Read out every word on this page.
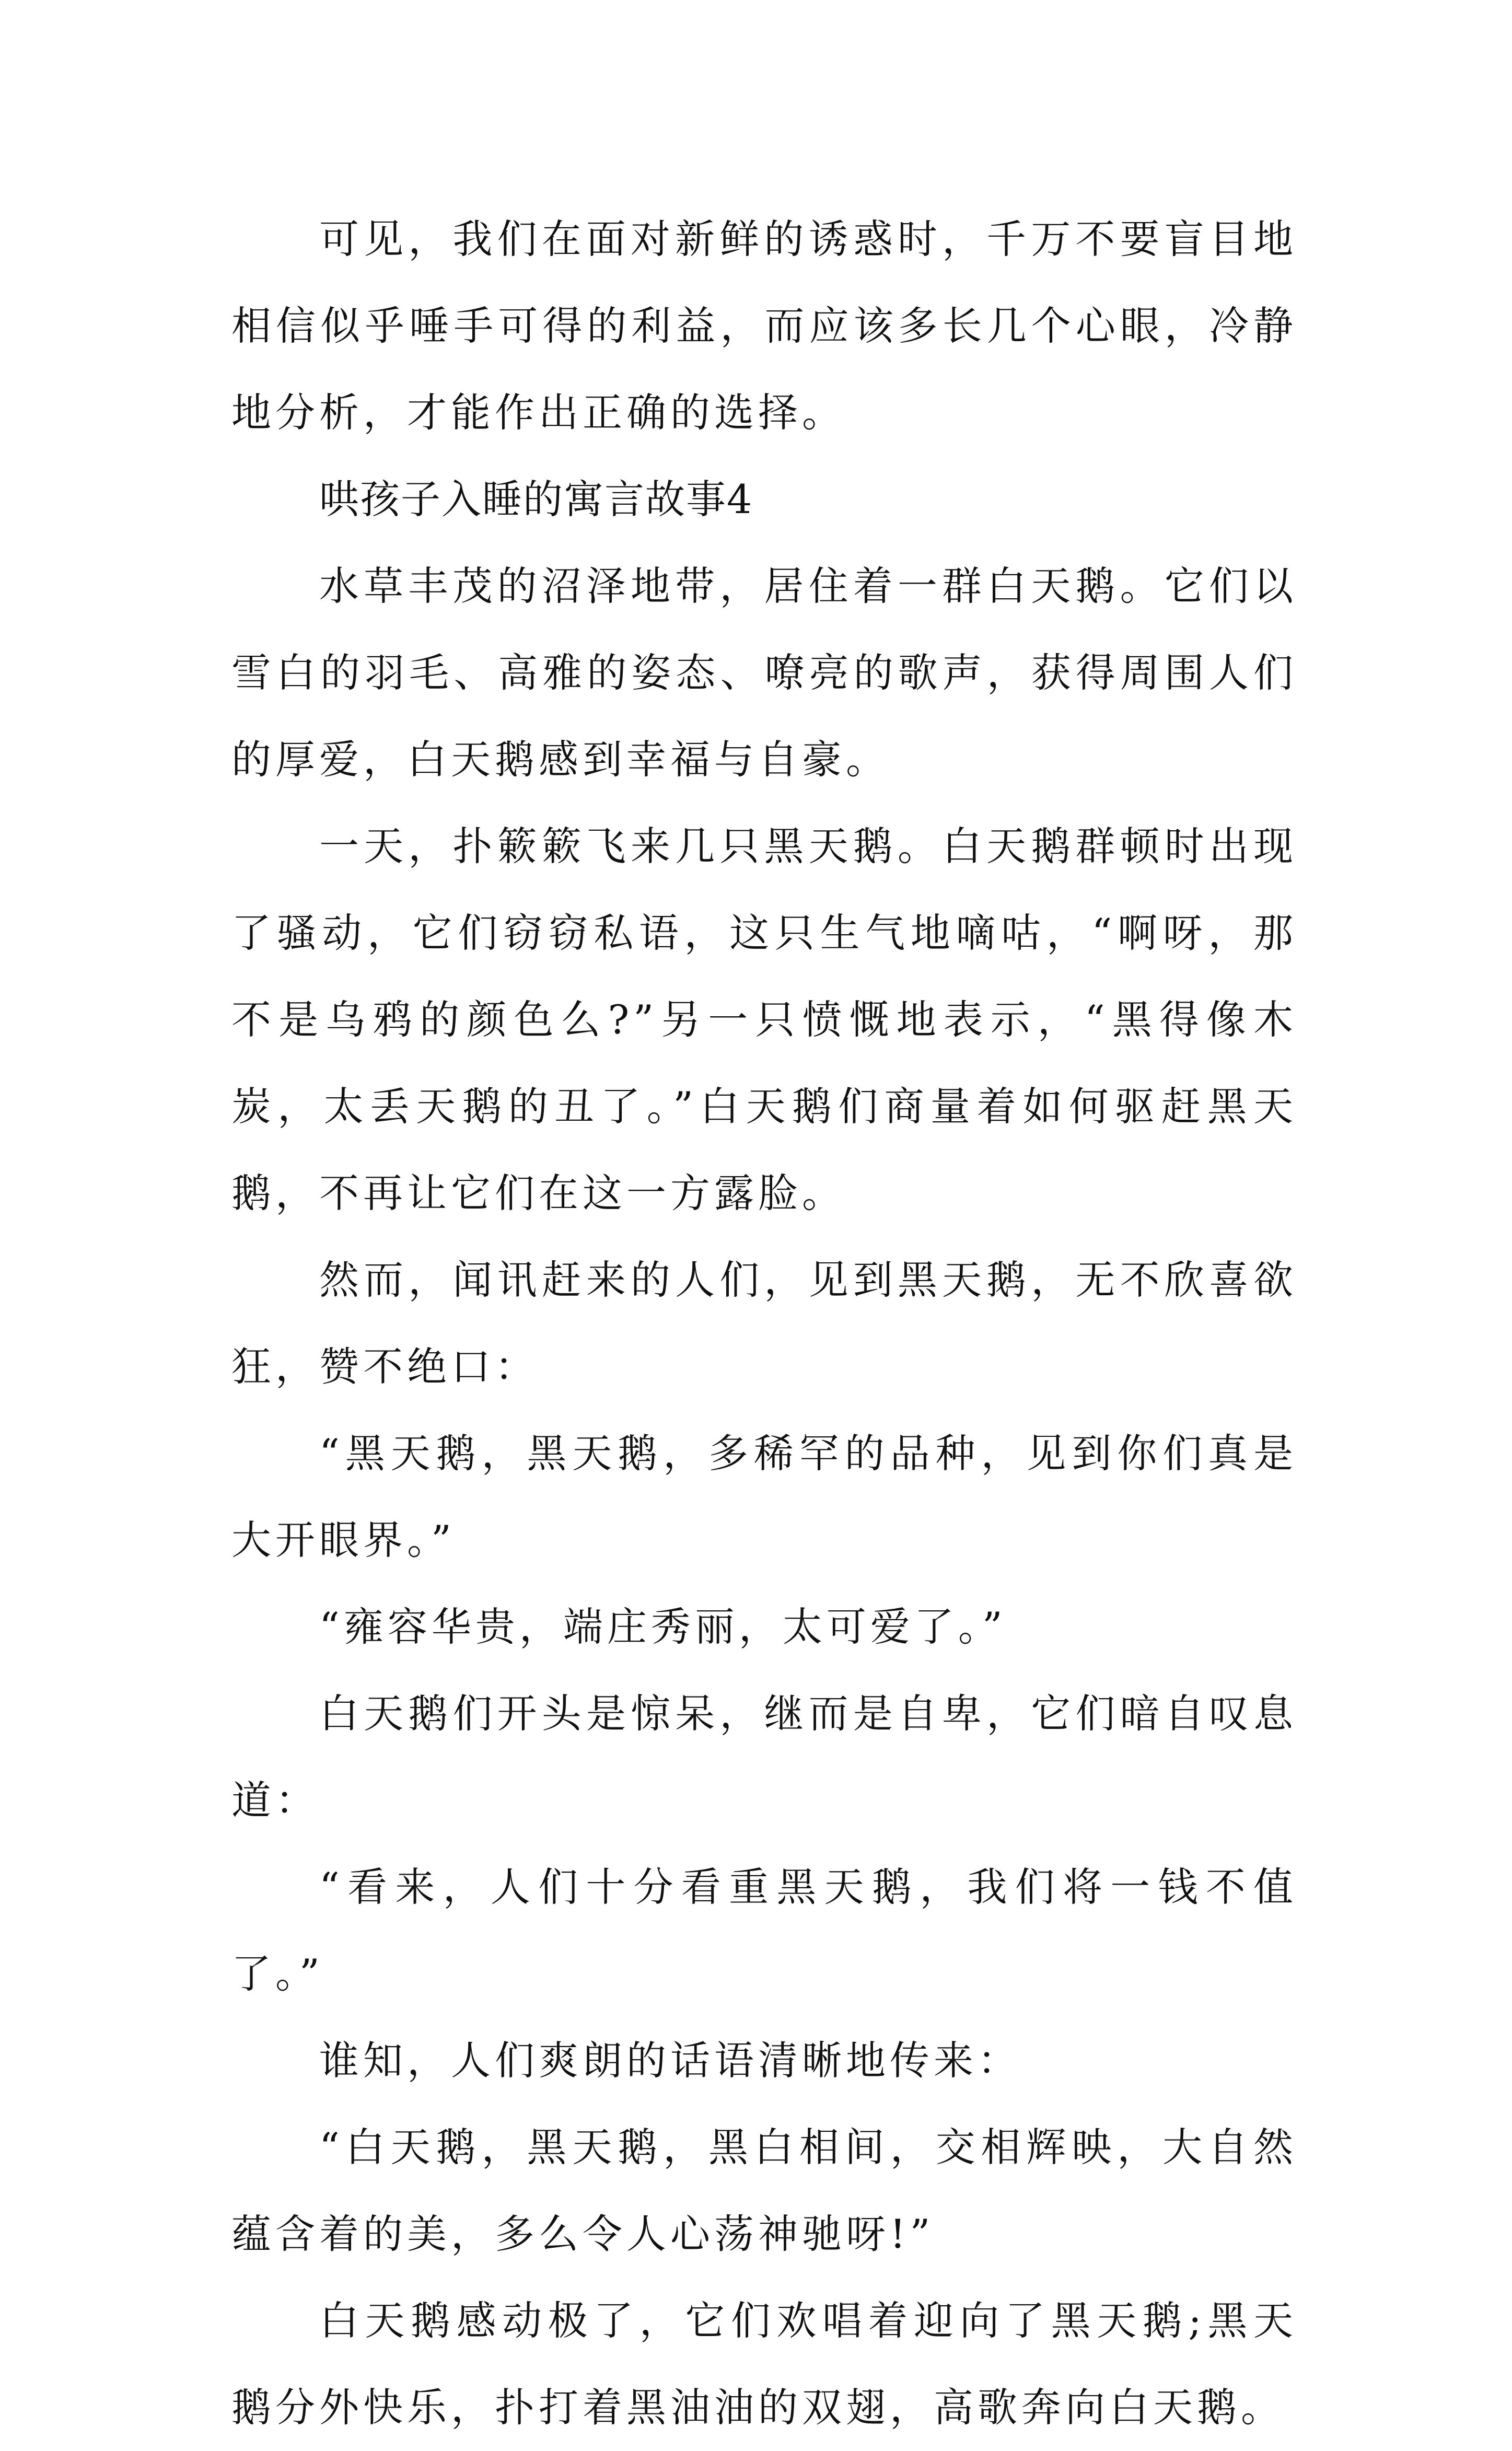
可见，我们在面对新鲜的诱惑时，千万不要盲目地相信似乎唾手可得的利益，而应该多长几个心眼，冷静地分析，才能作出正确的选择。

哄孩子入睡的寓言故事4

水草丰茂的沼泽地带，居住着一群白天鹅。它们以雪白的羽毛、高雅的姿态、嘹亮的歌声，获得周围人们的厚爱，白天鹅感到幸福与自豪。

一天，扑簌簌飞来几只黑天鹅。白天鹅群顿时出现了骚动，它们窃窃私语，这只生气地嘀咕，“啊呀，那不是乌鸦的颜色么?”另一只愤慨地表示，“黑得像木炭，太丢天鹅的丑了。”白天鹅们商量着如何驱赶黑天鹅，不再让它们在这一方露脸。

然而，闻讯赶来的人们，见到黑天鹅，无不欣喜欲狂，赞不绝口：

“黑天鹅，黑天鹅，多稀罕的品种，见到你们真是大开眼界。”

“雍容华贵，端庄秀丽，太可爱了。”

白天鹅们开头是惊呆，继而是自卑，它们暗自叹息道：

“看来，人们十分看重黑天鹅，我们将一钱不值了。”

谁知，人们爽朗的话语清晰地传来：

“白天鹅，黑天鹅，黑白相间，交相辉映，大自然蕴含着的美，多么令人心荡神驰呀!”

白天鹅感动极了，它们欢唱着迎向了黑天鹅;黑天鹅分外快乐，扑打着黑油油的双翅，高歌奔向白天鹅。
